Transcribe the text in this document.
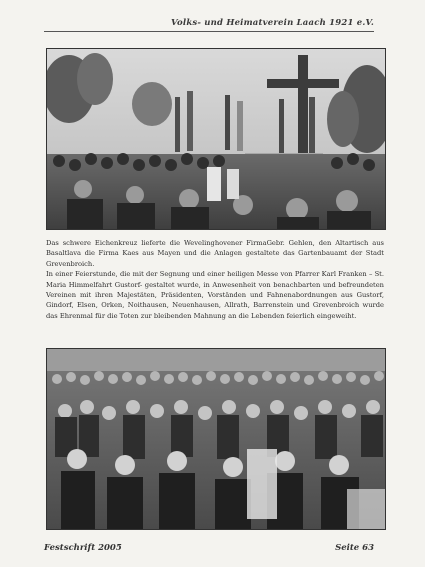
Volks- und Heimatverein Laach 1921 e.V.

Das schwere Eichenkreuz lieferte die Wevelinghovener FirmaGebr. Gehlen, den Altartisch aus Basaltlava die Firma Kaes aus Mayen und die Anlagen gestaltete das Gartenbauamt der Stadt Grevenbroich.

In einer Feierstunde, die mit der Segnung und einer heiligen Messe von Pfarrer Karl Franken – St. Maria Himmelfahrt Gustorf- gestaltet wurde, in Anwesenheit von benachbarten und befreundeten Vereinen mit ihren Majestäten, Präsidenten, Vorständen und Fahnenabordnungen aus Gustorf, Gindorf, Elsen, Orken, Noithausen, Neuenhausen, Allrath, Barrenstein und Grevenbroich wurde das Ehrenmal für die Toten zur bleibenden Mahnung an die Lebenden feierlich eingeweiht.

Festschrift 2005	Seite 63
